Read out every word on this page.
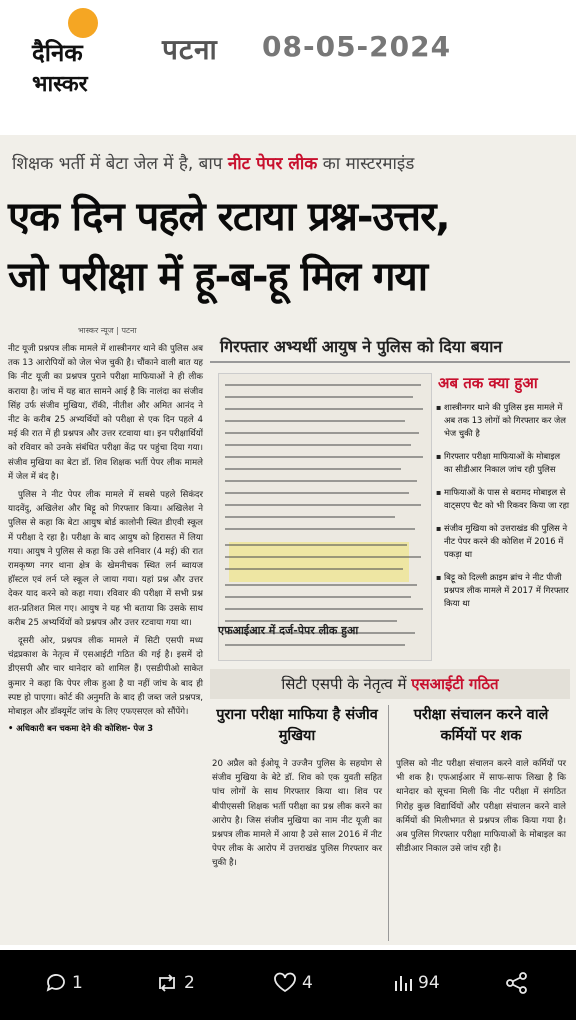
दैनिक
भास्कर
पटना 08-05-2024
शिक्षक भर्ती में बेटा जेल में है, बाप नीट पेपर लीक का मास्टरमाइंड
एक दिन पहले रटाया प्रश्न-उत्तर,
जो परीक्षा में हू-ब-हू मिल गया
भास्कर न्यूज | पटना

नीट यूजी प्रश्नपत्र लीक मामले में शास्त्रीनगर थाने की पुलिस अब तक 13 आरोपियों को जेल भेज चुकी है। चौंकाने वाली बात यह कि नीट यूजी का प्रश्नपत्र पुराने परीक्षा माफियाओं ने ही लीक कराया है। जांच में यह बात सामने आई है कि नालंदा का संजीव सिंह उर्फ संजीव मुखिया, रॉकी, नीतीश और अमित आनंद ने नीट के करीब 25 अभ्यर्थियों को परीक्षा से एक दिन पहले 4 मई की रात में ही प्रश्नपत्र और उत्तर रटवाया था। इन परीक्षार्थियों को रविवार को उनके संबंधित परीक्षा केंद्र पर पहुंचा दिया गया। संजीव मुखिया का बेटा डॉ. शिव शिक्षक भर्ती पेपर लीक मामले में जेल में बंद है।

पुलिस ने नीट पेपर लीक मामले में सबसे पहले सिकंदर यादवेंदु, अखिलेश और बिट्टू को गिरफ्तार किया। अखिलेश ने पुलिस से कहा कि बेटा आयुष बोर्ड कालोनी स्थित डीएवी स्कूल में परीक्षा दे रहा है। परीक्षा के बाद आयुष को हिरासत में लिया गया। आयुष ने पुलिस से कहा कि उसे शनिवार (4 मई) की रात रामकृष्ण नगर थाना क्षेत्र के खेमनीचक स्थित लर्न ब्वायज हॉस्टल एवं लर्न प्ले स्कूल ले जाया गया। यहां प्रश्न और उत्तर देकर याद करने को कहा गया। रविवार की परीक्षा में सभी प्रश्न शत-प्रतिशत मिल गए। आयुष ने यह भी बताया कि उसके साथ करीब 25 अभ्यर्थियों को प्रश्नपत्र और उत्तर रटवाया गया था।

दूसरी ओर, प्रश्नपत्र लीक मामले में सिटी एसपी मध्य चंद्रप्रकाश के नेतृत्व में एसआईटी गठित की गई है। इसमें दो डीएसपी और चार थानेदार को शामिल हैं। एसडीपीओ साकेत कुमार ने कहा कि पेपर लीक हुआ है या नहीं जांच के बाद ही स्पष्ट हो पाएगा। कोर्ट की अनुमति के बाद ही जब्त जले प्रश्नपत्र, मोबाइल और डॉक्यूमेंट जांच के लिए एफएसएल को सौंपेंगे।

• अधिकारी बन चकमा देने की कोशिश- पेज 3
गिरफ्तार अभ्यर्थी आयुष ने पुलिस को दिया बयान
एफआईआर में दर्ज-पेपर लीक हुआ
अब तक क्या हुआ
▪ शास्त्रीनगर थाने की पुलिस इस मामले में अब तक 13 लोगों को गिरफ्तार कर जेल भेज चुकी है
▪ गिरफ्तार परीक्षा माफियाओं के मोबाइल का सीडीआर निकाल जांच रही पुलिस
▪ माफियाओं के पास से बरामद मोबाइल से वाट्सएप चैट को भी रिकवर किया जा रहा
▪ संजीव मुखिया को उत्तराखंड की पुलिस ने नीट पेपर करने की कोशिश में 2016 में पकड़ा था
▪ बिट्टू को दिल्ली क्राइम ब्रांच ने नीट पीजी प्रश्नपत्र लीक मामले में 2017 में गिरफ्तार किया था
सिटी एसपी के नेतृत्व में एसआईटी गठित
पुराना परीक्षा माफिया है संजीव मुखिया
20 अप्रैल को ईओयू ने उज्जैन पुलिस के सहयोग से संजीव मुखिया के बेटे डॉ. शिव को एक युवती सहित पांच लोगों के साथ गिरफ्तार किया था। शिव पर बीपीएससी शिक्षक भर्ती परीक्षा का प्रश्न लीक करने का आरोप है। जिस संजीव मुखिया का नाम नीट यूजी का प्रश्नपत्र लीक मामले में आया है उसे साल 2016 में नीट पेपर लीक के आरोप में उत्तराखंड पुलिस गिरफ्तार कर चुकी है।
परीक्षा संचालन करने वाले कर्मियों पर शक
पुलिस को नीट परीक्षा संचालन करने वाले कर्मियों पर भी शक है। एफआईआर में साफ-साफ लिखा है कि थानेदार को सूचना मिली कि नीट परीक्षा में संगठित गिरोह कुछ विद्यार्थियों और परीक्षा संचालन करने वाले कर्मियों की मिलीभगत से प्रश्नपत्र लीक किया गया है। अब पुलिस गिरफ्तार परीक्षा माफियाओं के मोबाइल का सीडीआर निकाल उसे जांच रही है।
1	2	4	94
